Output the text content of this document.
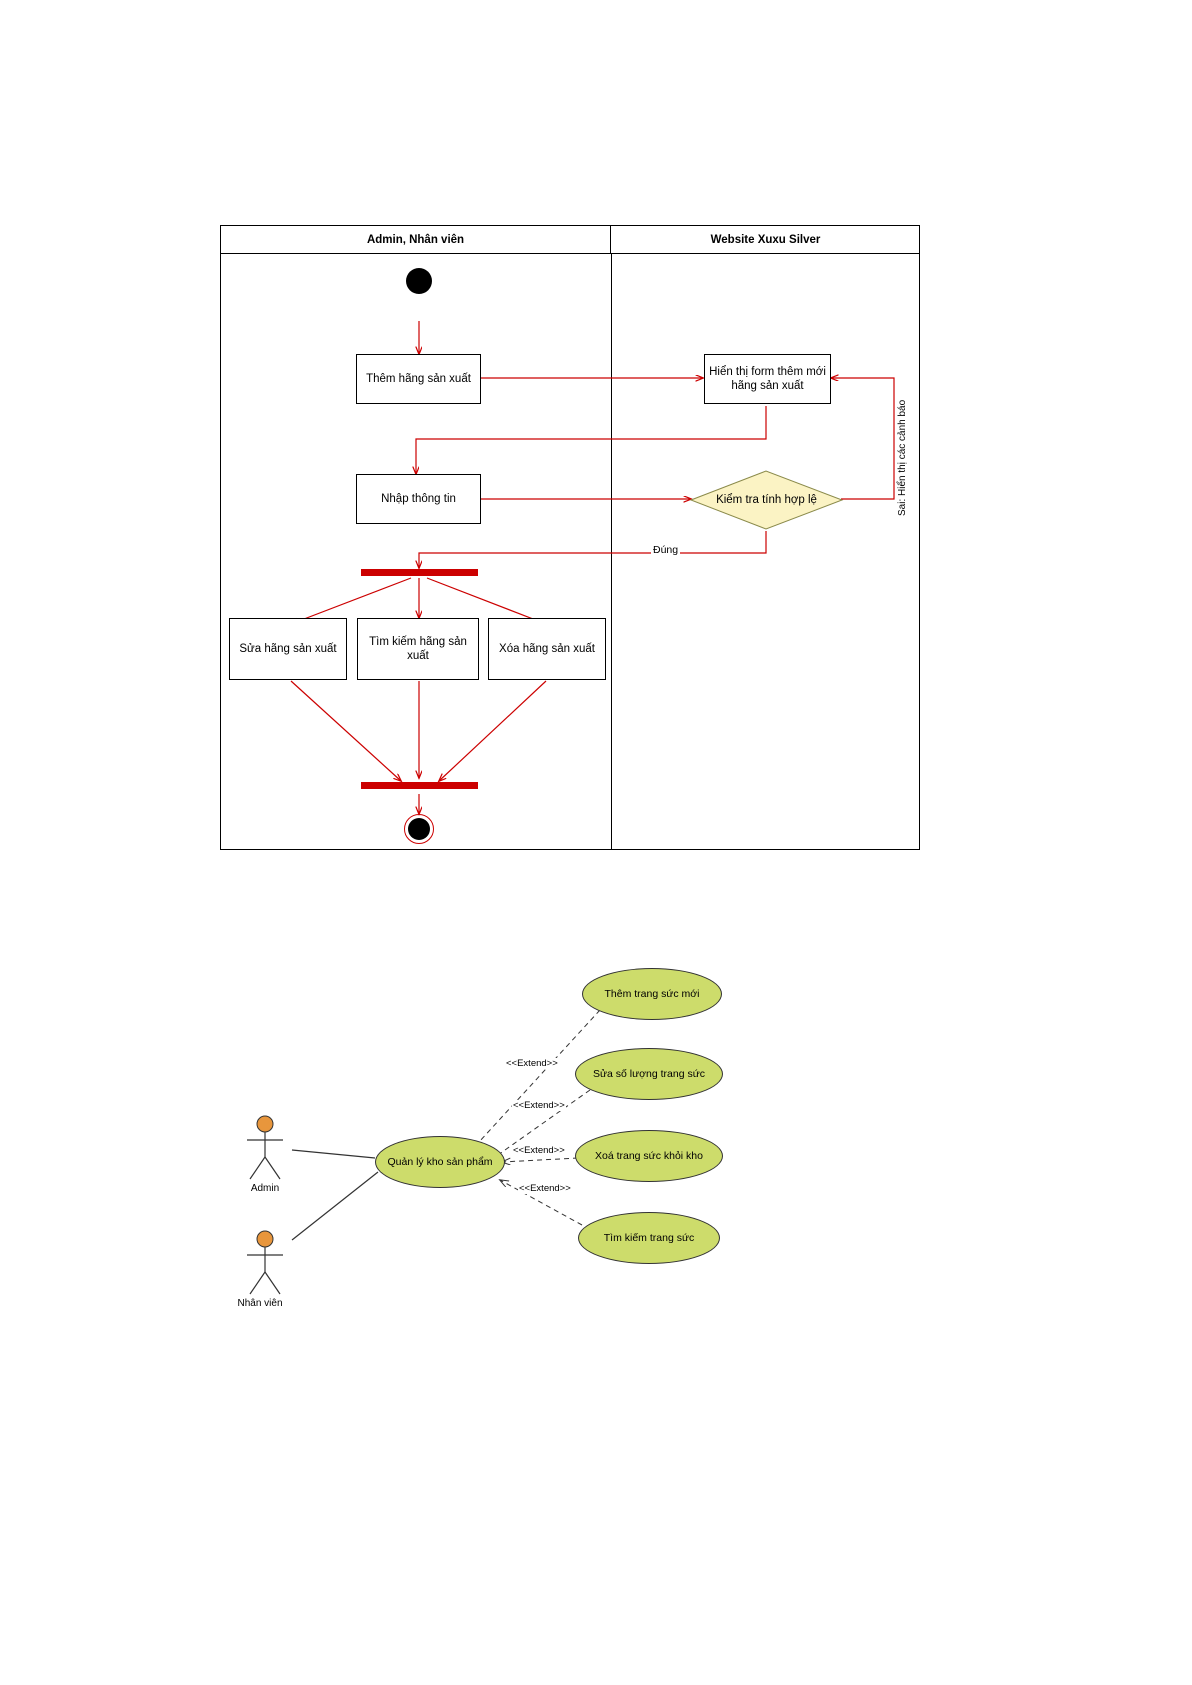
Admin, Nhân viên	Website Xuxu Silver
Thêm hãng sản xuất
Hiển thị form thêm mới hãng sản xuất
Nhập thông tin	Kiểm tra tính hợp lệ
Đúng
Sai: Hiển thị các cảnh báo
Sửa hãng sản xuất
Tìm kiếm hãng sản xuất
Xóa hãng sản xuất
Admin
Nhân viên
Quản lý kho sản phẩm
Thêm trang sức mới
Sửa số lượng trang sức
Xoá trang sức khỏi kho
Tìm kiếm trang sức
<<Extend>>
<<Extend>>
<<Extend>>
<<Extend>>
